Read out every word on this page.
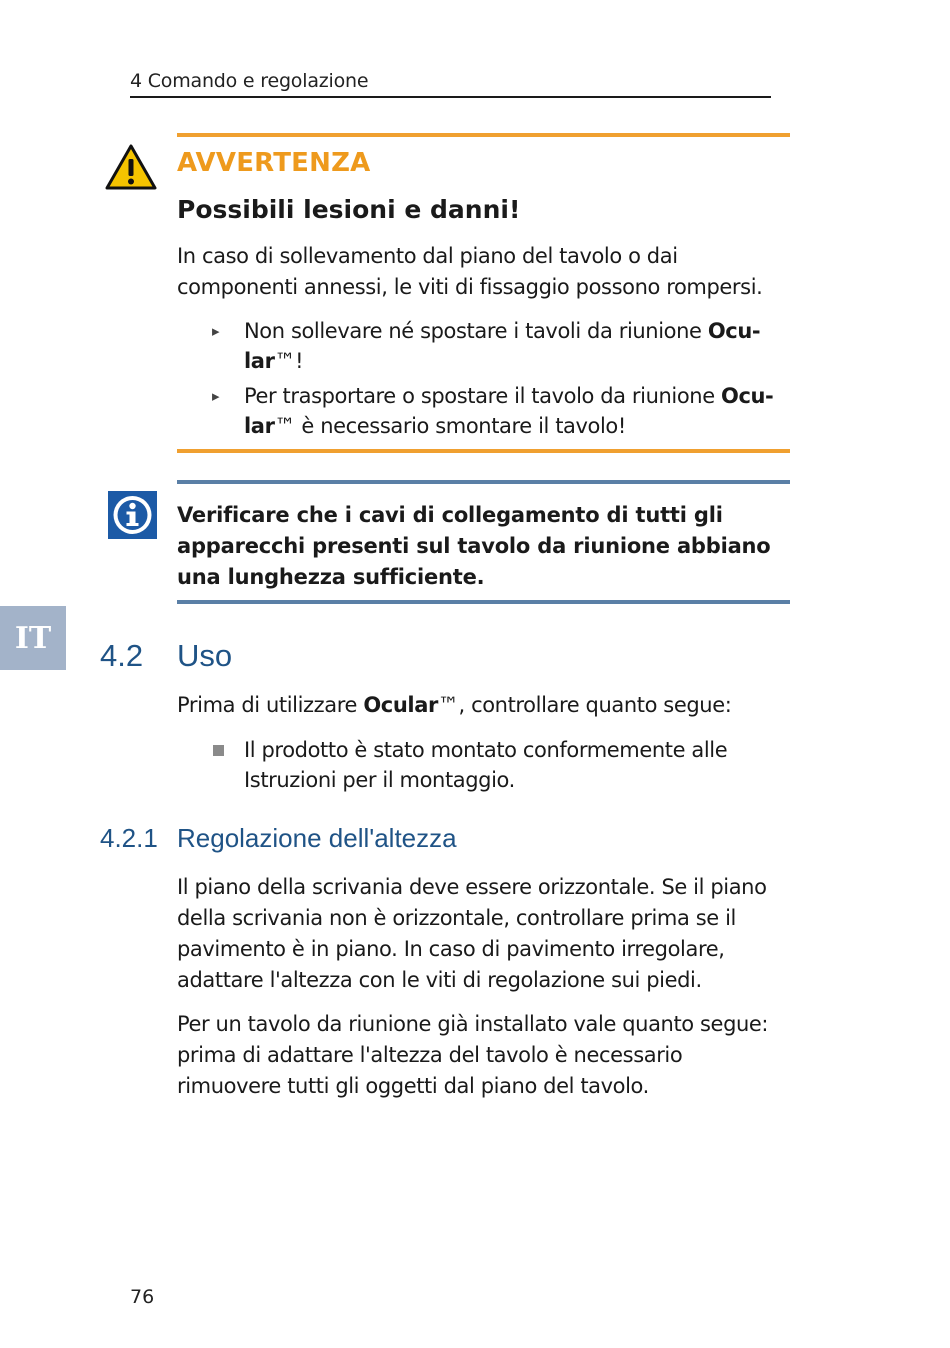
4 Comando e regolazione
AVVERTENZA
Possibili lesioni e danni!
In caso di sollevamento dal piano del tavolo o dai componenti annessi, le viti di fissaggio possono rompersi.
▸	Non sollevare né spostare i tavoli da riunione Ocu-
lar™!
▸	Per trasportare o spostare il tavolo da riunione Ocu-
lar™ è necessario smontare il tavolo!
Verificare che i cavi di collegamento di tutti gli apparecchi presenti sul tavolo da riunione abbiano una lunghezza sufficiente.
IT	4.2 Uso
Prima di utilizzare Ocular™, controllare quanto segue:
Il prodotto è stato montato conformemente alle Istruzioni per il montaggio.
4.2.1 Regolazione dell'altezza
Il piano della scrivania deve essere orizzontale. Se il piano della scrivania non è orizzontale, controllare prima se il pavimento è in piano. In caso di pavimento irregolare, adattare l'altezza con le viti di regolazione sui piedi.
Per un tavolo da riunione già installato vale quanto segue: prima di adattare l'altezza del tavolo è necessario rimuovere tutti gli oggetti dal piano del tavolo.
76
